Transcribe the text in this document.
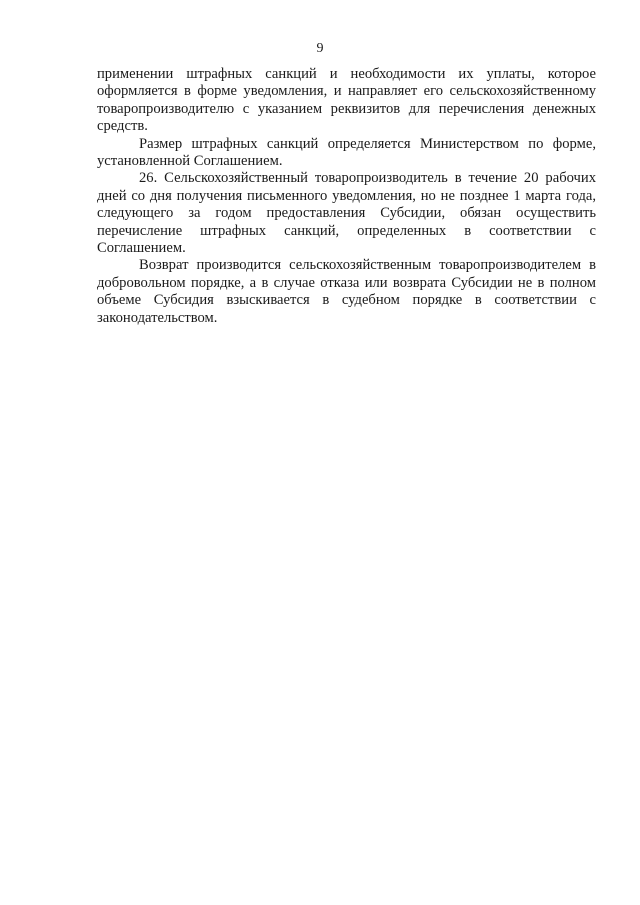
9

применении штрафных санкций и необходимости их уплаты, которое оформляется в форме уведомления, и направляет его сельскохозяйственному товаропроизводителю с указанием реквизитов для перечисления денежных средств.

Размер штрафных санкций определяется Министерством по форме, установленной Соглашением.

26. Сельскохозяйственный товаропроизводитель в течение 20 рабочих дней со дня получения письменного уведомления, но не позднее 1 марта года, следующего за годом предоставления Субсидии, обязан осуществить перечисление штрафных санкций, определенных в соответствии с Соглашением.

Возврат производится сельскохозяйственным товаропроизводителем в добровольном порядке, а в случае отказа или возврата Субсидии не в полном объеме Субсидия взыскивается в судебном порядке в соответствии с законодательством.
